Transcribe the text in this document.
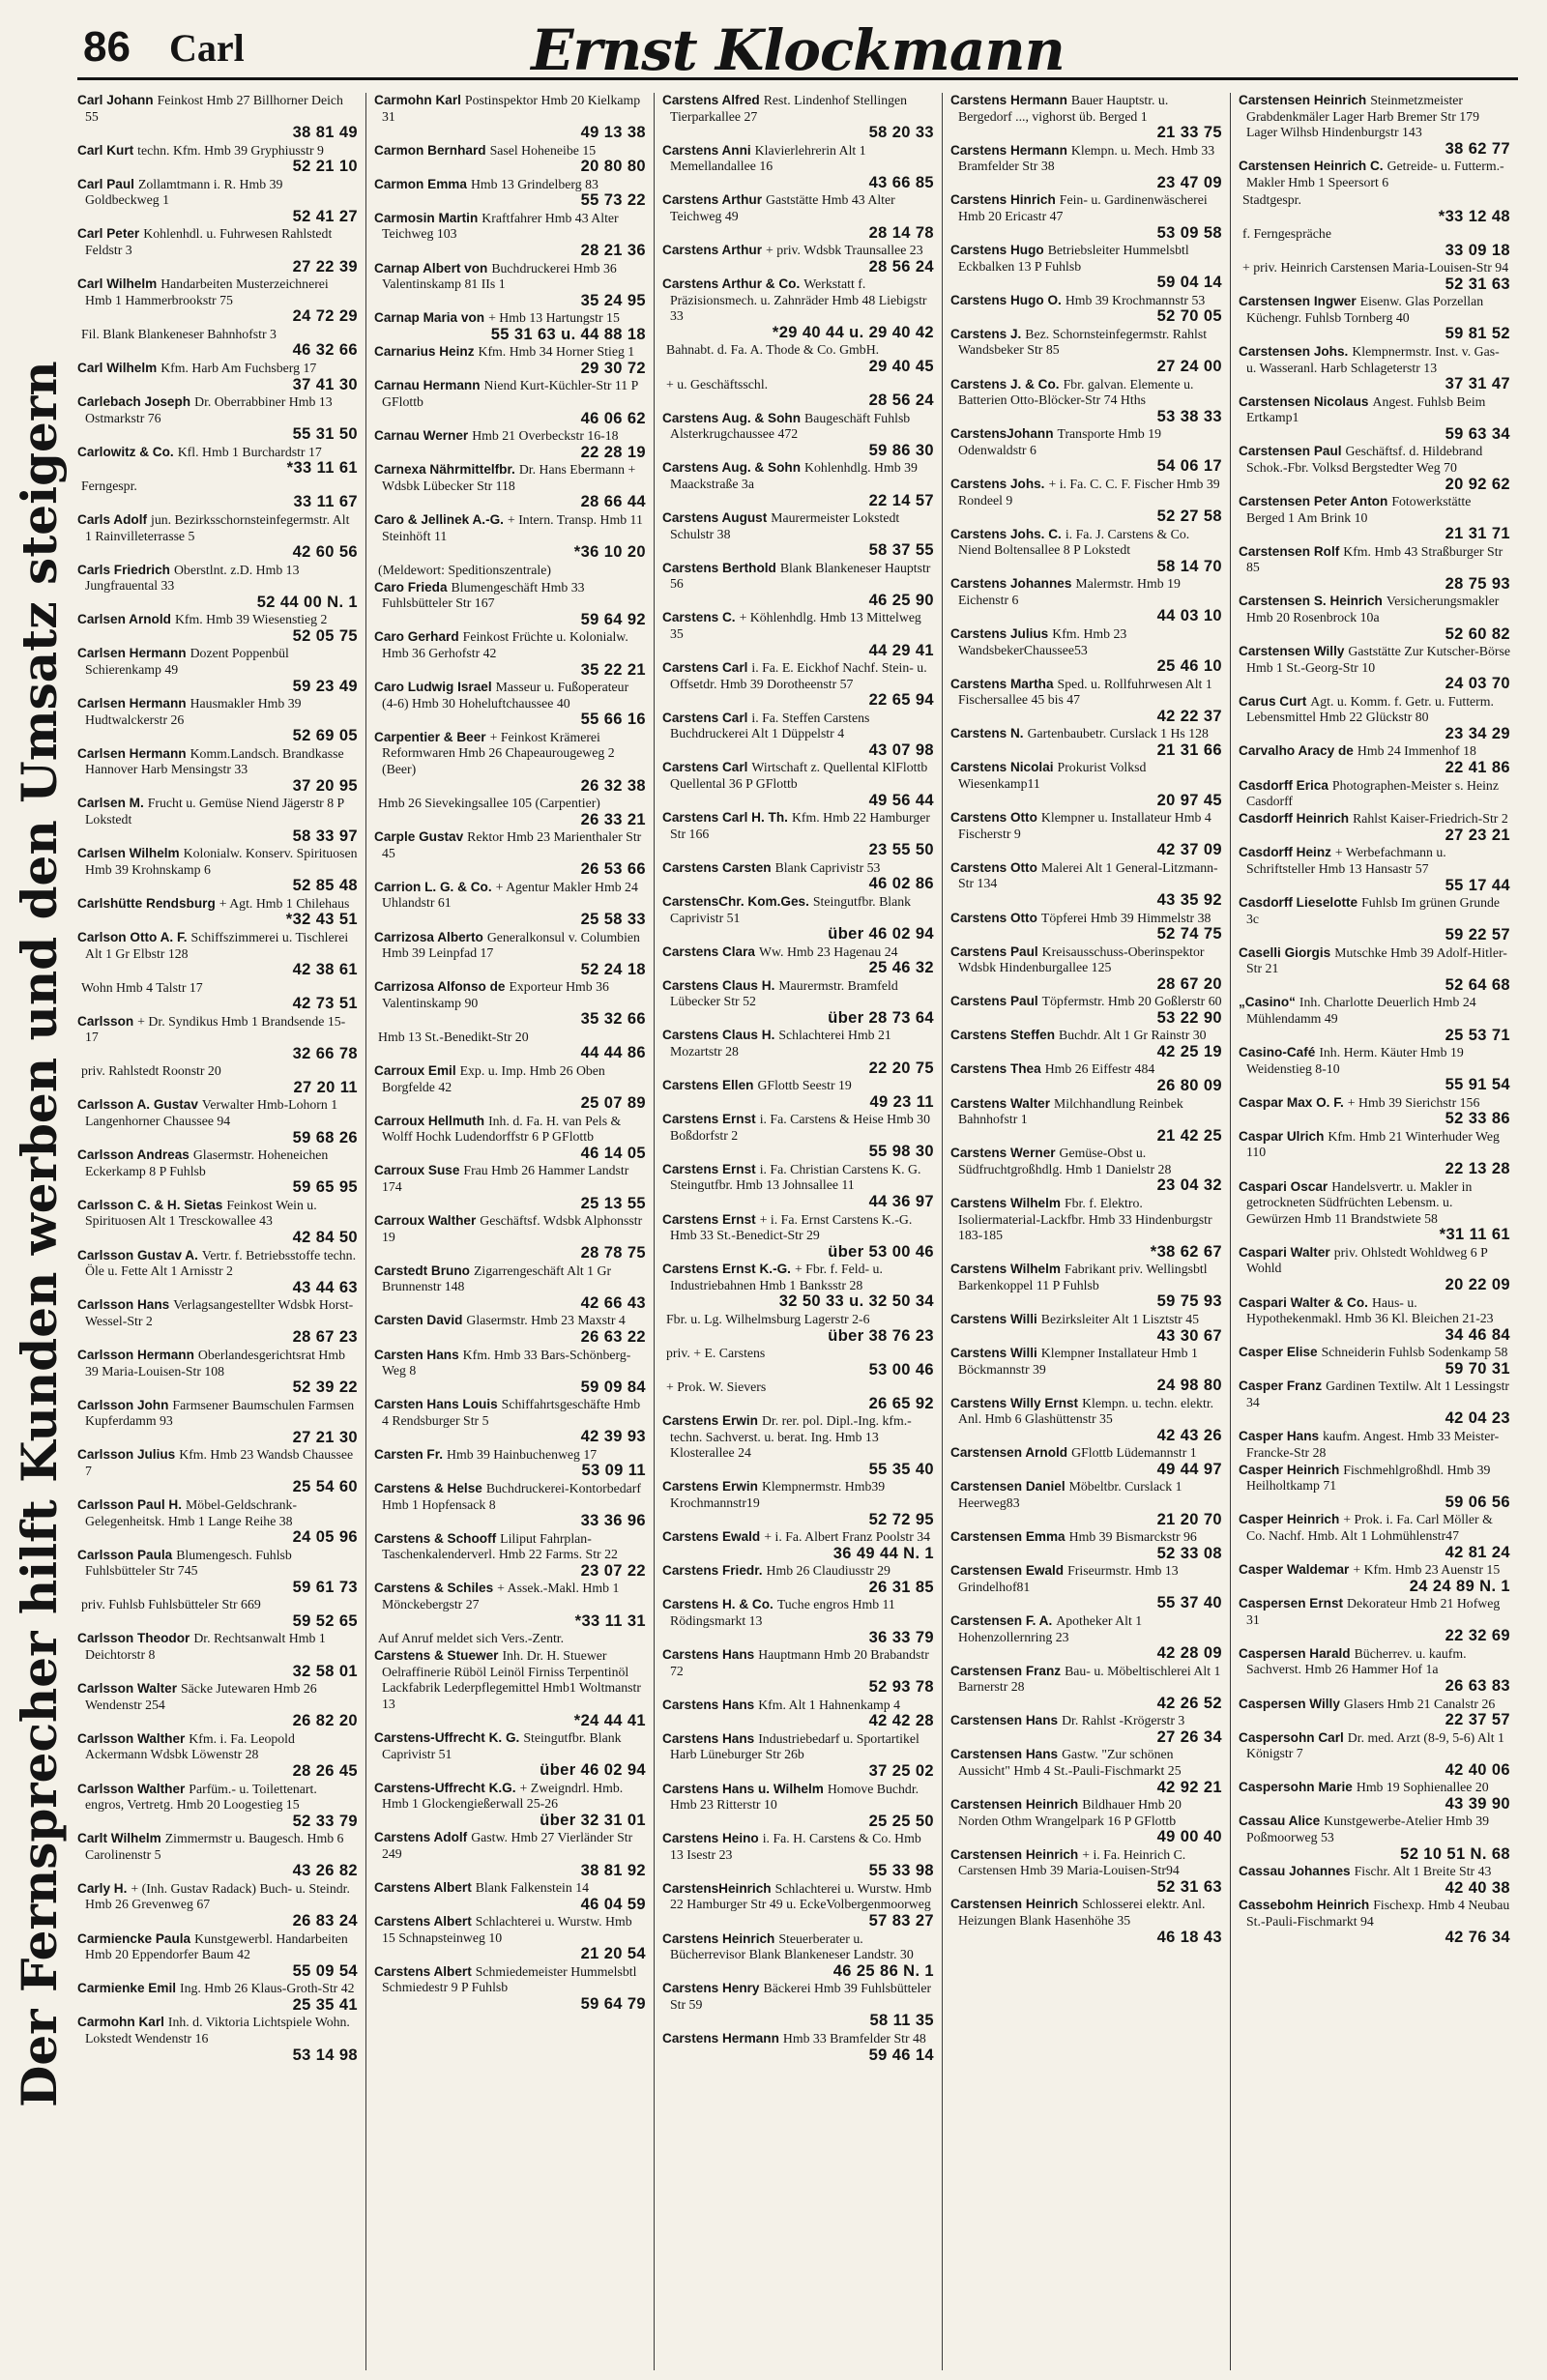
86 Carl	Ernst Klockmann
Der Fernsprecher hilft Kunden werben und den Umsatz steigern
Carl Johann Feinkost Hmb 27 Billhorner Deich 55
38 81 49
Carl Kurt techn. Kfm. Hmb 39 Gryphiusstr 9
52 21 10
Carl Paul Zollamtmann i. R. Hmb 39 Goldbeckweg 1
52 41 27
Carl Peter Kohlenhdl. u. Fuhrwesen Rahlstedt Feldstr 3
27 22 39
Carl Wilhelm Handarbeiten Musterzeichnerei Hmb 1 Hammerbrookstr 75
24 72 29
Fil. Blank Blankeneser Bahnhofstr 3
46 32 66
Carl Wilhelm Kfm. Harb Am Fuchsberg 17
37 41 30
Carlebach Joseph Dr. Oberrabbiner Hmb 13 Ostmarkstr 76
55 31 50
Carlowitz & Co. Kfl. Hmb 1 Burchardstr 17
*33 11 61
Ferngespr.
33 11 67
Carls Adolf jun. Bezirksschornsteinfegermstr. Alt 1 Rainvilleterrasse 5
42 60 56
Carls Friedrich Oberstlnt. z.D. Hmb 13 Jungfrauental 33
52 44 00 N. 1
Carlsen Arnold Kfm. Hmb 39 Wiesenstieg 2
52 05 75
Carlsen Hermann Dozent Poppenbül Schierenkamp 49
59 23 49
Carlsen Hermann Hausmakler Hmb 39 Hudtwalckerstr 26
52 69 05
Carlsen Hermann Komm.Landsch. Brandkasse Hannover Harb Mensingstr 33
37 20 95
Carlsen M. Frucht u. Gemüse Niend Jägerstr 8 P Lokstedt
58 33 97
Carlsen Wilhelm Kolonialw. Konserv. Spirituosen Hmb 39 Krohnskamp 6
52 85 48
Carlshütte Rendsburg + Agt. Hmb 1 Chilehaus
*32 43 51
Carlson Otto A. F. Schiffszimmerei u. Tischlerei Alt 1 Gr Elbstr 128
42 38 61
Wohn Hmb 4 Talstr 17
42 73 51
Carlsson + Dr. Syndikus Hmb 1 Brandsende 15-17
32 66 78
priv. Rahlstedt Roonstr 20
27 20 11
Carlsson A. Gustav Verwalter Hmb-Lohorn 1 Langenhorner Chaussee 94
59 68 26
Carlsson Andreas Glasermstr. Hoheneichen Eckerkamp 8 P Fuhlsb
59 65 95
Carlsson C. & H. Sietas Feinkost Wein u. Spirituosen Alt 1 Tresckowallee 43
42 84 50
Carlsson Gustav A. Vertr. f. Betriebsstoffe techn. Öle u. Fette Alt 1 Arnisstr 2
43 44 63
Carlsson Hans Verlagsangestellter Wdsbk Horst-Wessel-Str 2
28 67 23
Carlsson Hermann Oberlandesgerichtsrat Hmb 39 Maria-Louisen-Str 108
52 39 22
Carlsson John Farmsener Baumschulen Farmsen Kupferdamm 93
27 21 30
Carlsson Julius Kfm. Hmb 23 Wandsb Chaussee 7
25 54 60
Carlsson Paul H. Möbel-Geldschrank-Gelegenheitsk. Hmb 1 Lange Reihe 38
24 05 96
Carlsson Paula Blumengesch. Fuhlsb Fuhlsbütteler Str 745
59 61 73
priv. Fuhlsb Fuhlsbütteler Str 669
59 52 65
Carlsson Theodor Dr. Rechtsanwalt Hmb 1 Deichtorstr 8
32 58 01
Carlsson Walter Säcke Jutewaren Hmb 26 Wendenstr 254
26 82 20
Carlsson Walther Kfm. i. Fa. Leopold Ackermann Wdsbk Löwenstr 28
28 26 45
Carlsson Walther Parfüm.- u. Toilettenart. engros, Vertretg. Hmb 20 Loogestieg 15
52 33 79
Carlt Wilhelm Zimmermstr u. Baugesch. Hmb 6 Carolinenstr 5
43 26 82
Carly H. + (Inh. Gustav Radack) Buch- u. Steindr. Hmb 26 Grevenweg 67
26 83 24
Carmiencke Paula Kunstgewerbl. Handarbeiten Hmb 20 Eppendorfer Baum 42
55 09 54
Carmienke Emil Ing. Hmb 26 Klaus-Groth-Str 42
25 35 41
Carmohn Karl Inh. d. Viktoria Lichtspiele Wohn. Lokstedt Wendenstr 16
53 14 98
Carmohn Karl Postinspektor Hmb 20 Kielkamp 31
49 13 38
Carmon Bernhard Sasel Hoheneibe 15
20 80 80
Carmon Emma Hmb 13 Grindelberg 83
55 73 22
Carmosin Martin Kraftfahrer Hmb 43 Alter Teichweg 103
28 21 36
Carnap Albert von Buchdruckerei Hmb 36 Valentinskamp 81 IIs 1
35 24 95
Carnap Maria von + Hmb 13 Hartungstr 15
55 31 63 u. 44 88 18
Carnarius Heinz Kfm. Hmb 34 Horner Stieg 1
29 30 72
Carnau Hermann Niend Kurt-Küchler-Str 11 P GFlottb
46 06 62
Carnau Werner Hmb 21 Overbeckstr 16-18
22 28 19
Carnexa Nährmittelfbr. Dr. Hans Ebermann + Wdsbk Lübecker Str 118
28 66 44
Caro & Jellinek A.-G. + Intern. Transp. Hmb 11 Steinhöft 11
*36 10 20
(Meldewort: Speditionszentrale)
Caro Frieda Blumengeschäft Hmb 33 Fuhlsbütteler Str 167
59 64 92
Caro Gerhard Feinkost Früchte u. Kolonialw. Hmb 36 Gerhofstr 42
35 22 21
Caro Ludwig Israel Masseur u. Fußoperateur (4-6) Hmb 30 Hoheluftchaussee 40
55 66 16
Carpentier & Beer + Feinkost Krämerei Reformwaren Hmb 26 Chapeaurougeweg 2 (Beer)
26 32 38
Hmb 26 Sievekingsallee 105 (Carpentier)
26 33 21
Carple Gustav Rektor Hmb 23 Marienthaler Str 45
26 53 66
Carrion L. G. & Co. + Agentur Makler Hmb 24 Uhlandstr 61
25 58 33
Carrizosa Alberto Generalkonsul v. Columbien Hmb 39 Leinpfad 17
52 24 18
Carrizosa Alfonso de Exporteur Hmb 36 Valentinskamp 90
35 32 66
Hmb 13 St.-Benedikt-Str 20
44 44 86
Carroux Emil Exp. u. Imp. Hmb 26 Oben Borgfelde 42
25 07 89
Carroux Hellmuth Inh. d. Fa. H. van Pels & Wolff Hochk Ludendorffstr 6 P GFlottb
46 14 05
Carroux Suse Frau Hmb 26 Hammer Landstr 174
25 13 55
Carroux Walther Geschäftsf. Wdsbk Alphonsstr 19
28 78 75
Carstedt Bruno Zigarrengeschäft Alt 1 Gr Brunnenstr 148
42 66 43
Carsten David Glasermstr. Hmb 23 Maxstr 4
26 63 22
Carsten Hans Kfm. Hmb 33 Bars-Schönberg-Weg 8
59 09 84
Carsten Hans Louis Schiffahrtsgeschäfte Hmb 4 Rendsburger Str 5
42 39 93
Carsten Fr. Hmb 39 Hainbuchenweg 17
53 09 11
Carstens & Helse Buchdruckerei-Kontorbedarf Hmb 1 Hopfensack 8
33 36 96
Carstens & Schooff Liliput Fahrplan-Taschenkalenderverl. Hmb 22 Farms. Str 22
23 07 22
Carstens & Schiles + Assek.-Makl. Hmb 1 Mönckebergstr 27
*33 11 31
Auf Anruf meldet sich Vers.-Zentr.
Carstens & Stuewer Inh. Dr. H. Stuewer Oelraffinerie Rüböl Leinöl Firniss Terpentinöl Lackfabrik Lederpflegemittel Hmb1 Woltmanstr 13
*24 44 41
Carstens-Uffrecht K. G. Steingutfbr. Blank Caprivistr 51
über 46 02 94
Carstens-Uffrecht K.G. + Zweigndrl. Hmb. Hmb 1 Glockengießerwall 25-26
über 32 31 01
Carstens Adolf Gastw. Hmb 27 Vierländer Str 249
38 81 92
Carstens Albert Blank Falkenstein 14
46 04 59
Carstens Albert Schlachterei u. Wurstw. Hmb 15 Schnapsteinweg 10
21 20 54
Carstens Albert Schmiedemeister Hummelsbtl Schmiedestr 9 P Fuhlsb
59 64 79
Carstens Alfred Rest. Lindenhof Stellingen Tierparkallee 27
58 20 33
Carstens Anni Klavierlehrerin Alt 1 Memellandallee 16
43 66 85
Carstens Arthur Gaststätte Hmb 43 Alter Teichweg 49
28 14 78
Carstens Arthur + priv. Wdsbk Traunsallee 23
28 56 24
Carstens Arthur & Co. Werkstatt f. Präzisionsmech. u. Zahnräder Hmb 48 Liebigstr 33
*29 40 44 u. 29 40 42
Bahnabt. d. Fa. A. Thode & Co. GmbH.
29 40 45
+ u. Geschäftsschl.
28 56 24
Carstens Aug. & Sohn Baugeschäft Fuhlsb Alsterkrugchaussee 472
59 86 30
Carstens Aug. & Sohn Kohlenhdlg. Hmb 39 Maackstraße 3a
22 14 57
Carstens August Maurermeister Lokstedt Schulstr 38
58 37 55
Carstens Berthold Blank Blankeneser Hauptstr 56
46 25 90
Carstens C. + Köhlenhdlg. Hmb 13 Mittelweg 35
44 29 41
Carstens Carl i. Fa. E. Eickhof Nachf. Stein- u. Offsetdr. Hmb 39 Dorotheenstr 57
22 65 94
Carstens Carl i. Fa. Steffen Carstens Buchdruckerei Alt 1 Düppelstr 4
43 07 98
Carstens Carl Wirtschaft z. Quellental KlFlottb Quellental 36 P GFlottb
49 56 44
Carstens Carl H. Th. Kfm. Hmb 22 Hamburger Str 166
23 55 50
Carstens Carsten Blank Caprivistr 53
46 02 86
CarstensChr. Kom.Ges. Steingutfbr. Blank Caprivistr 51
über 46 02 94
Carstens Clara Ww. Hmb 23 Hagenau 24
25 46 32
Carstens Claus H. Maurermstr. Bramfeld Lübecker Str 52
über 28 73 64
Carstens Claus H. Schlachterei Hmb 21 Mozartstr 28
22 20 75
Carstens Ellen GFlottb Seestr 19
49 23 11
Carstens Ernst i. Fa. Carstens & Heise Hmb 30 Boßdorfstr 2
55 98 30
Carstens Ernst i. Fa. Christian Carstens K. G. Steingutfbr. Hmb 13 Johnsallee 11
44 36 97
Carstens Ernst + i. Fa. Ernst Carstens K.-G. Hmb 33 St.-Benedict-Str 29
über 53 00 46
Carstens Ernst K.-G. + Fbr. f. Feld- u. Industriebahnen Hmb 1 Banksstr 28
32 50 33 u. 32 50 34
Fbr. u. Lg. Wilhelmsburg Lagerstr 2-6
über 38 76 23
priv. + E. Carstens
53 00 46
+ Prok. W. Sievers
26 65 92
Carstens Erwin Dr. rer. pol. Dipl.-Ing. kfm.-techn. Sachverst. u. berat. Ing. Hmb 13 Klosterallee 24
55 35 40
Carstens Erwin Klempnermstr. Hmb39 Krochmannstr19
52 72 95
Carstens Ewald + i. Fa. Albert Franz Poolstr 34
36 49 44 N. 1
Carstens Friedr. Hmb 26 Claudiusstr 29
26 31 85
Carstens H. & Co. Tuche engros Hmb 11 Rödingsmarkt 13
36 33 79
Carstens Hans Hauptmann Hmb 20 Brabandstr 72
52 93 78
Carstens Hans Kfm. Alt 1 Hahnenkamp 4
42 42 28
Carstens Hans Industriebedarf u. Sportartikel Harb Lüneburger Str 26b
37 25 02
Carstens Hans u. Wilhelm Homove Buchdr. Hmb 23 Ritterstr 10
25 25 50
Carstens Heino i. Fa. H. Carstens & Co. Hmb 13 Isestr 23
55 33 98
CarstensHeinrich Schlachterei u. Wurstw. Hmb 22 Hamburger Str 49 u. EckeVolbergenmoorweg
57 83 27
Carstens Heinrich Steuerberater u. Bücherrevisor Blank Blankeneser Landstr. 30
46 25 86 N. 1
Carstens Henry Bäckerei Hmb 39 Fuhlsbütteler Str 59
58 11 35
Carstens Hermann Hmb 33 Bramfelder Str 48
59 46 14
Carstens Hermann Bauer Hauptstr. u. Bergedorf ..., vighorst üb. Berged 1
21 33 75
Carstens Hermann Klempn. u. Mech. Hmb 33 Bramfelder Str 38
23 47 09
Carstens Hinrich Fein- u. Gardinenwäscherei Hmb 20 Ericastr 47
53 09 58
Carstens Hugo Betriebsleiter Hummelsbtl Eckbalken 13 P Fuhlsb
59 04 14
Carstens Hugo O. Hmb 39 Krochmannstr 53
52 70 05
Carstens J. Bez. Schornsteinfegermstr. Rahlst Wandsbeker Str 85
27 24 00
Carstens J. & Co. Fbr. galvan. Elemente u. Batterien Otto-Blöcker-Str 74 Hths
53 38 33
CarstensJohann Transporte Hmb 19 Odenwaldstr 6
54 06 17
Carstens Johs. + i. Fa. C. C. F. Fischer Hmb 39 Rondeel 9
52 27 58
Carstens Johs. C. i. Fa. J. Carstens & Co. Niend Boltensallee 8 P Lokstedt
58 14 70
Carstens Johannes Malermstr. Hmb 19 Eichenstr 6
44 03 10
Carstens Julius Kfm. Hmb 23 WandsbekerChaussee53
25 46 10
Carstens Martha Sped. u. Rollfuhrwesen Alt 1 Fischersallee 45 bis 47
42 22 37
Carstens N. Gartenbaubetr. Curslack 1 Hs 128
21 31 66
Carstens Nicolai Prokurist Volksd Wiesenkamp11
20 97 45
Carstens Otto Klempner u. Installateur Hmb 4 Fischerstr 9
42 37 09
Carstens Otto Malerei Alt 1 General-Litzmann-Str 134
43 35 92
Carstens Otto Töpferei Hmb 39 Himmelstr 38
52 74 75
Carstens Paul Kreisausschuss-Oberinspektor Wdsbk Hindenburgallee 125
28 67 20
Carstens Paul Töpfermstr. Hmb 20 Goßlerstr 60
53 22 90
Carstens Steffen Buchdr. Alt 1 Gr Rainstr 30
42 25 19
Carstens Thea Hmb 26 Eiffestr 484
26 80 09
Carstens Walter Milchhandlung Reinbek Bahnhofstr 1
21 42 25
Carstens Werner Gemüse-Obst u. Südfruchtgroßhdlg. Hmb 1 Danielstr 28
23 04 32
Carstens Wilhelm Fbr. f. Elektro. Isoliermaterial-Lackfbr. Hmb 33 Hindenburgstr 183-185
*38 62 67
Carstens Wilhelm Fabrikant priv. Wellingsbtl Barkenkoppel 11 P Fuhlsb
59 75 93
Carstens Willi Bezirksleiter Alt 1 Lisztstr 45
43 30 67
Carstens Willi Klempner Installateur Hmb 1 Böckmannstr 39
24 98 80
Carstens Willy Ernst Klempn. u. techn. elektr. Anl. Hmb 6 Glashüttenstr 35
42 43 26
Carstensen Arnold GFlottb Lüdemannstr 1
49 44 97
Carstensen Daniel Möbeltbr. Curslack 1 Heerweg83
21 20 70
Carstensen Emma Hmb 39 Bismarckstr 96
52 33 08
Carstensen Ewald Friseurmstr. Hmb 13 Grindelhof81
55 37 40
Carstensen F. A. Apotheker Alt 1 Hohenzollernring 23
42 28 09
Carstensen Franz Bau- u. Möbeltischlerei Alt 1 Barnerstr 28
42 26 52
Carstensen Hans Dr. Rahlst -Krögerstr 3
27 26 34
Carstensen Hans Gastw. "Zur schönen Aussicht" Hmb 4 St.-Pauli-Fischmarkt 25
42 92 21
Carstensen Heinrich Bildhauer Hmb 20 Norden Othm Wrangelpark 16 P GFlottb
49 00 40
Carstensen Heinrich + i. Fa. Heinrich C. Carstensen Hmb 39 Maria-Louisen-Str94
52 31 63
Carstensen Heinrich Schlosserei elektr. Anl. Heizungen Blank Hasenhöhe 35
46 18 43
Carstensen Heinrich Steinmetzmeister Grabdenkmäler Lager Harb Bremer Str 179 Lager Wilhsb Hindenburgstr 143
38 62 77
Carstensen Heinrich C. Getreide- u. Futterm.-Makler Hmb 1 Speersort 6
Stadtgespr.
*33 12 48
f. Ferngespräche
33 09 18
+ priv. Heinrich Carstensen Maria-Louisen-Str 94
52 31 63
Carstensen Ingwer Eisenw. Glas Porzellan Küchengr. Fuhlsb Tornberg 40
59 81 52
Carstensen Johs. Klempnermstr. Inst. v. Gas- u. Wasseranl. Harb Schlageterstr 13
37 31 47
Carstensen Nicolaus Angest. Fuhlsb Beim Ertkamp1
59 63 34
Carstensen Paul Geschäftsf. d. Hildebrand Schok.-Fbr. Volksd Bergstedter Weg 70
20 92 62
Carstensen Peter Anton Fotowerkstätte Berged 1 Am Brink 10
21 31 71
Carstensen Rolf Kfm. Hmb 43 Straßburger Str 85
28 75 93
Carstensen S. Heinrich Versicherungsmakler Hmb 20 Rosenbrock 10a
52 60 82
Carstensen Willy Gaststätte Zur Kutscher-Börse Hmb 1 St.-Georg-Str 10
24 03 70
Carus Curt Agt. u. Komm. f. Getr. u. Futterm. Lebensmittel Hmb 22 Glückstr 80
23 34 29
Carvalho Aracy de Hmb 24 Immenhof 18
22 41 86
Casdorff Erica Photographen-Meister s. Heinz Casdorff
Casdorff Heinrich Rahlst Kaiser-Friedrich-Str 2
27 23 21
Casdorff Heinz + Werbefachmann u. Schriftsteller Hmb 13 Hansastr 57
55 17 44
Casdorff Lieselotte Fuhlsb Im grünen Grunde 3c
59 22 57
Caselli Giorgis Mutschke Hmb 39 Adolf-Hitler-Str 21
52 64 68
„Casino“ Inh. Charlotte Deuerlich Hmb 24 Mühlendamm 49
25 53 71
Casino-Café Inh. Herm. Käuter Hmb 19 Weidenstieg 8-10
55 91 54
Caspar Max O. F. + Hmb 39 Sierichstr 156
52 33 86
Caspar Ulrich Kfm. Hmb 21 Winterhuder Weg 110
22 13 28
Caspari Oscar Handelsvertr. u. Makler in getrockneten Südfrüchten Lebensm. u. Gewürzen Hmb 11 Brandstwiete 58
*31 11 61
Caspari Walter priv. Ohlstedt Wohldweg 6 P Wohld
20 22 09
Caspari Walter & Co. Haus- u. Hypothekenmakl. Hmb 36 Kl. Bleichen 21-23
34 46 84
Casper Elise Schneiderin Fuhlsb Sodenkamp 58
59 70 31
Casper Franz Gardinen Textilw. Alt 1 Lessingstr 34
42 04 23
Casper Hans kaufm. Angest. Hmb 33 Meister-Francke-Str 28
Casper Heinrich Fischmehlgroßhdl. Hmb 39 Heilholtkamp 71
59 06 56
Casper Heinrich + Prok. i. Fa. Carl Möller & Co. Nachf. Hmb. Alt 1 Lohmühlenstr47
42 81 24
Casper Waldemar + Kfm. Hmb 23 Auenstr 15
24 24 89 N. 1
Caspersen Ernst Dekorateur Hmb 21 Hofweg 31
22 32 69
Caspersen Harald Bücherrev. u. kaufm. Sachverst. Hmb 26 Hammer Hof 1a
26 63 83
Caspersen Willy Glasers Hmb 21 Canalstr 26
22 37 57
Caspersohn Carl Dr. med. Arzt (8-9, 5-6) Alt 1 Königstr 7
42 40 06
Caspersohn Marie Hmb 19 Sophienallee 20
43 39 90
Cassau Alice Kunstgewerbe-Atelier Hmb 39 Poßmoorweg 53
52 10 51 N. 68
Cassau Johannes Fischr. Alt 1 Breite Str 43
42 40 38
Cassebohm Heinrich Fischexp. Hmb 4 Neubau St.-Pauli-Fischmarkt 94
42 76 34
